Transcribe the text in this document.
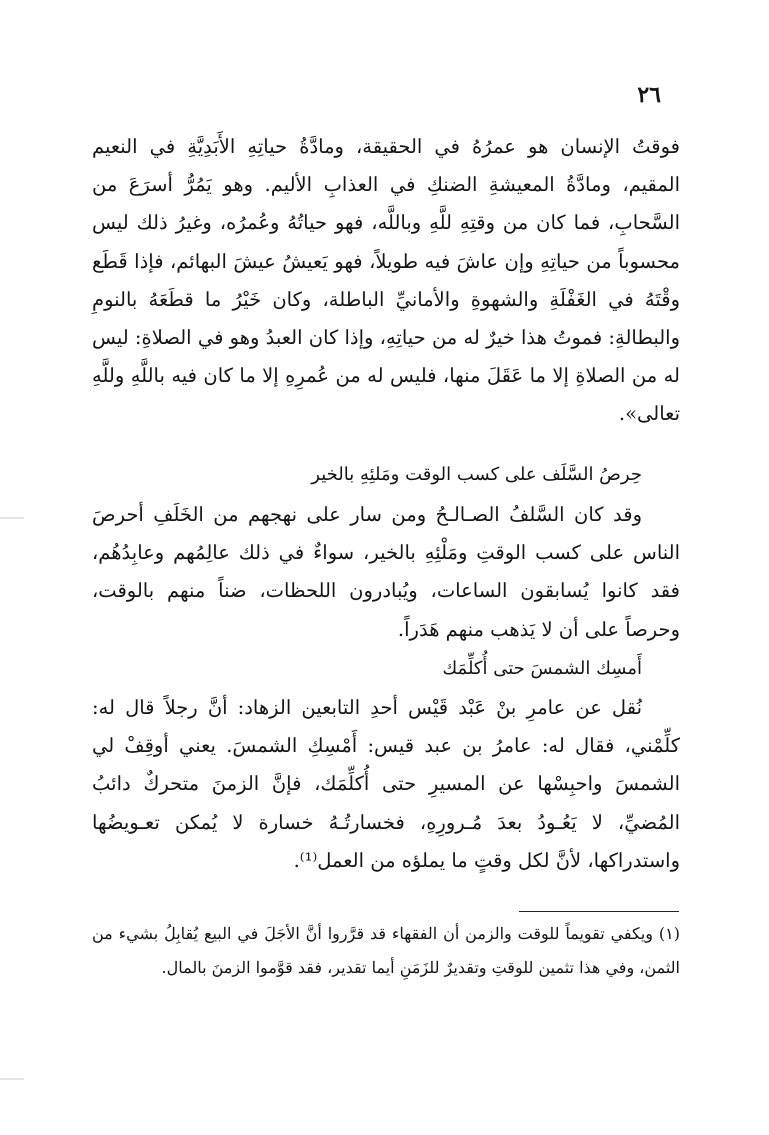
٢٦

فوقتُ الإنسان هو عمرُهُ في الحقيقة، ومادَّةُ حياتِهِ الأَبَدِيَّةِ في النعيم المقيم، ومادَّةُ المعيشةِ الضنكِ في العذابِ الأليم. وهو يَمُرُّ أسرَعَ من السَّحابِ، فما كان من وقتِهِ للَّهِ وباللَّه، فهو حياتُهُ وعُمرُه، وغيرُ ذلك ليس محسوباً من حياتِهِ وإن عاشَ فيه طويلاً، فهو يَعيشُ عيشَ البهائم، فإذا قَطَع وقْتَهُ في الغَفْلَةِ والشهوةِ والأمانيِّ الباطلة، وكان خَيْرُ ما قطَعَهُ بالنومِ والبطالةِ: فموتُ هذا خيرٌ له من حياتِهِ، وإذا كان العبدُ وهو في الصلاةِ: ليس له من الصلاةِ إلا ما عَقَلَ منها، فليس له من عُمرِهِ إلا ما كان فيه باللَّهِ وللَّهِ تعالى».

حِرصُ السَّلَف على كسب الوقت ومَلئِهِ بالخير

وقد كان السَّلفُ الصـالـحُ ومن سار على نهجهم من الخَلَفِ أحرصَ الناس على كسب الوقتِ ومَلْئِهِ بالخير، سواءٌ في ذلك عالِمُهم وعابِدُهُم، فقد كانوا يُسابقون الساعات، ويُبادرون اللحظات، ضناً منهم بالوقت، وحرصاً على أن لا يَذهب منهم هَدَراً.

أَمسِك الشمسَ حتى أُكلِّمَك

نُقل عن عامرِ بنْ عَبْد قَيْس أحدِ التابعين الزهاد: أنَّ رجلاً قال له: كلِّمْني، فقال له: عامرُ بن عبد قيس: أَمْسِكِ الشمسَ. يعني أوقِفْ لي الشمسَ واحبِسْها عن المسيرِ حتى أُكلِّمَك، فإنَّ الزمنَ متحركٌ دائبُ المُضيِّ، لا يَعُـودُ بعدَ مُـرورِهِ، فخسارتُـهُ خسارة لا يُمكن تعـويضُها واستدراكها، لأنَّ لكل وقتٍ ما يملؤه من العمل⁽¹⁾.

(١) ويكفي تقويماً للوقت والزمن أن الفقهاء قد قرَّروا أنَّ الأجَلَ في البيع يُقابِلُ بشيء من الثمن، وفي هذا تثمين للوقتِ وتقديرٌ للزَمَنِ أيما تقدير، فقد قوَّموا الزمنَ بالمال.
